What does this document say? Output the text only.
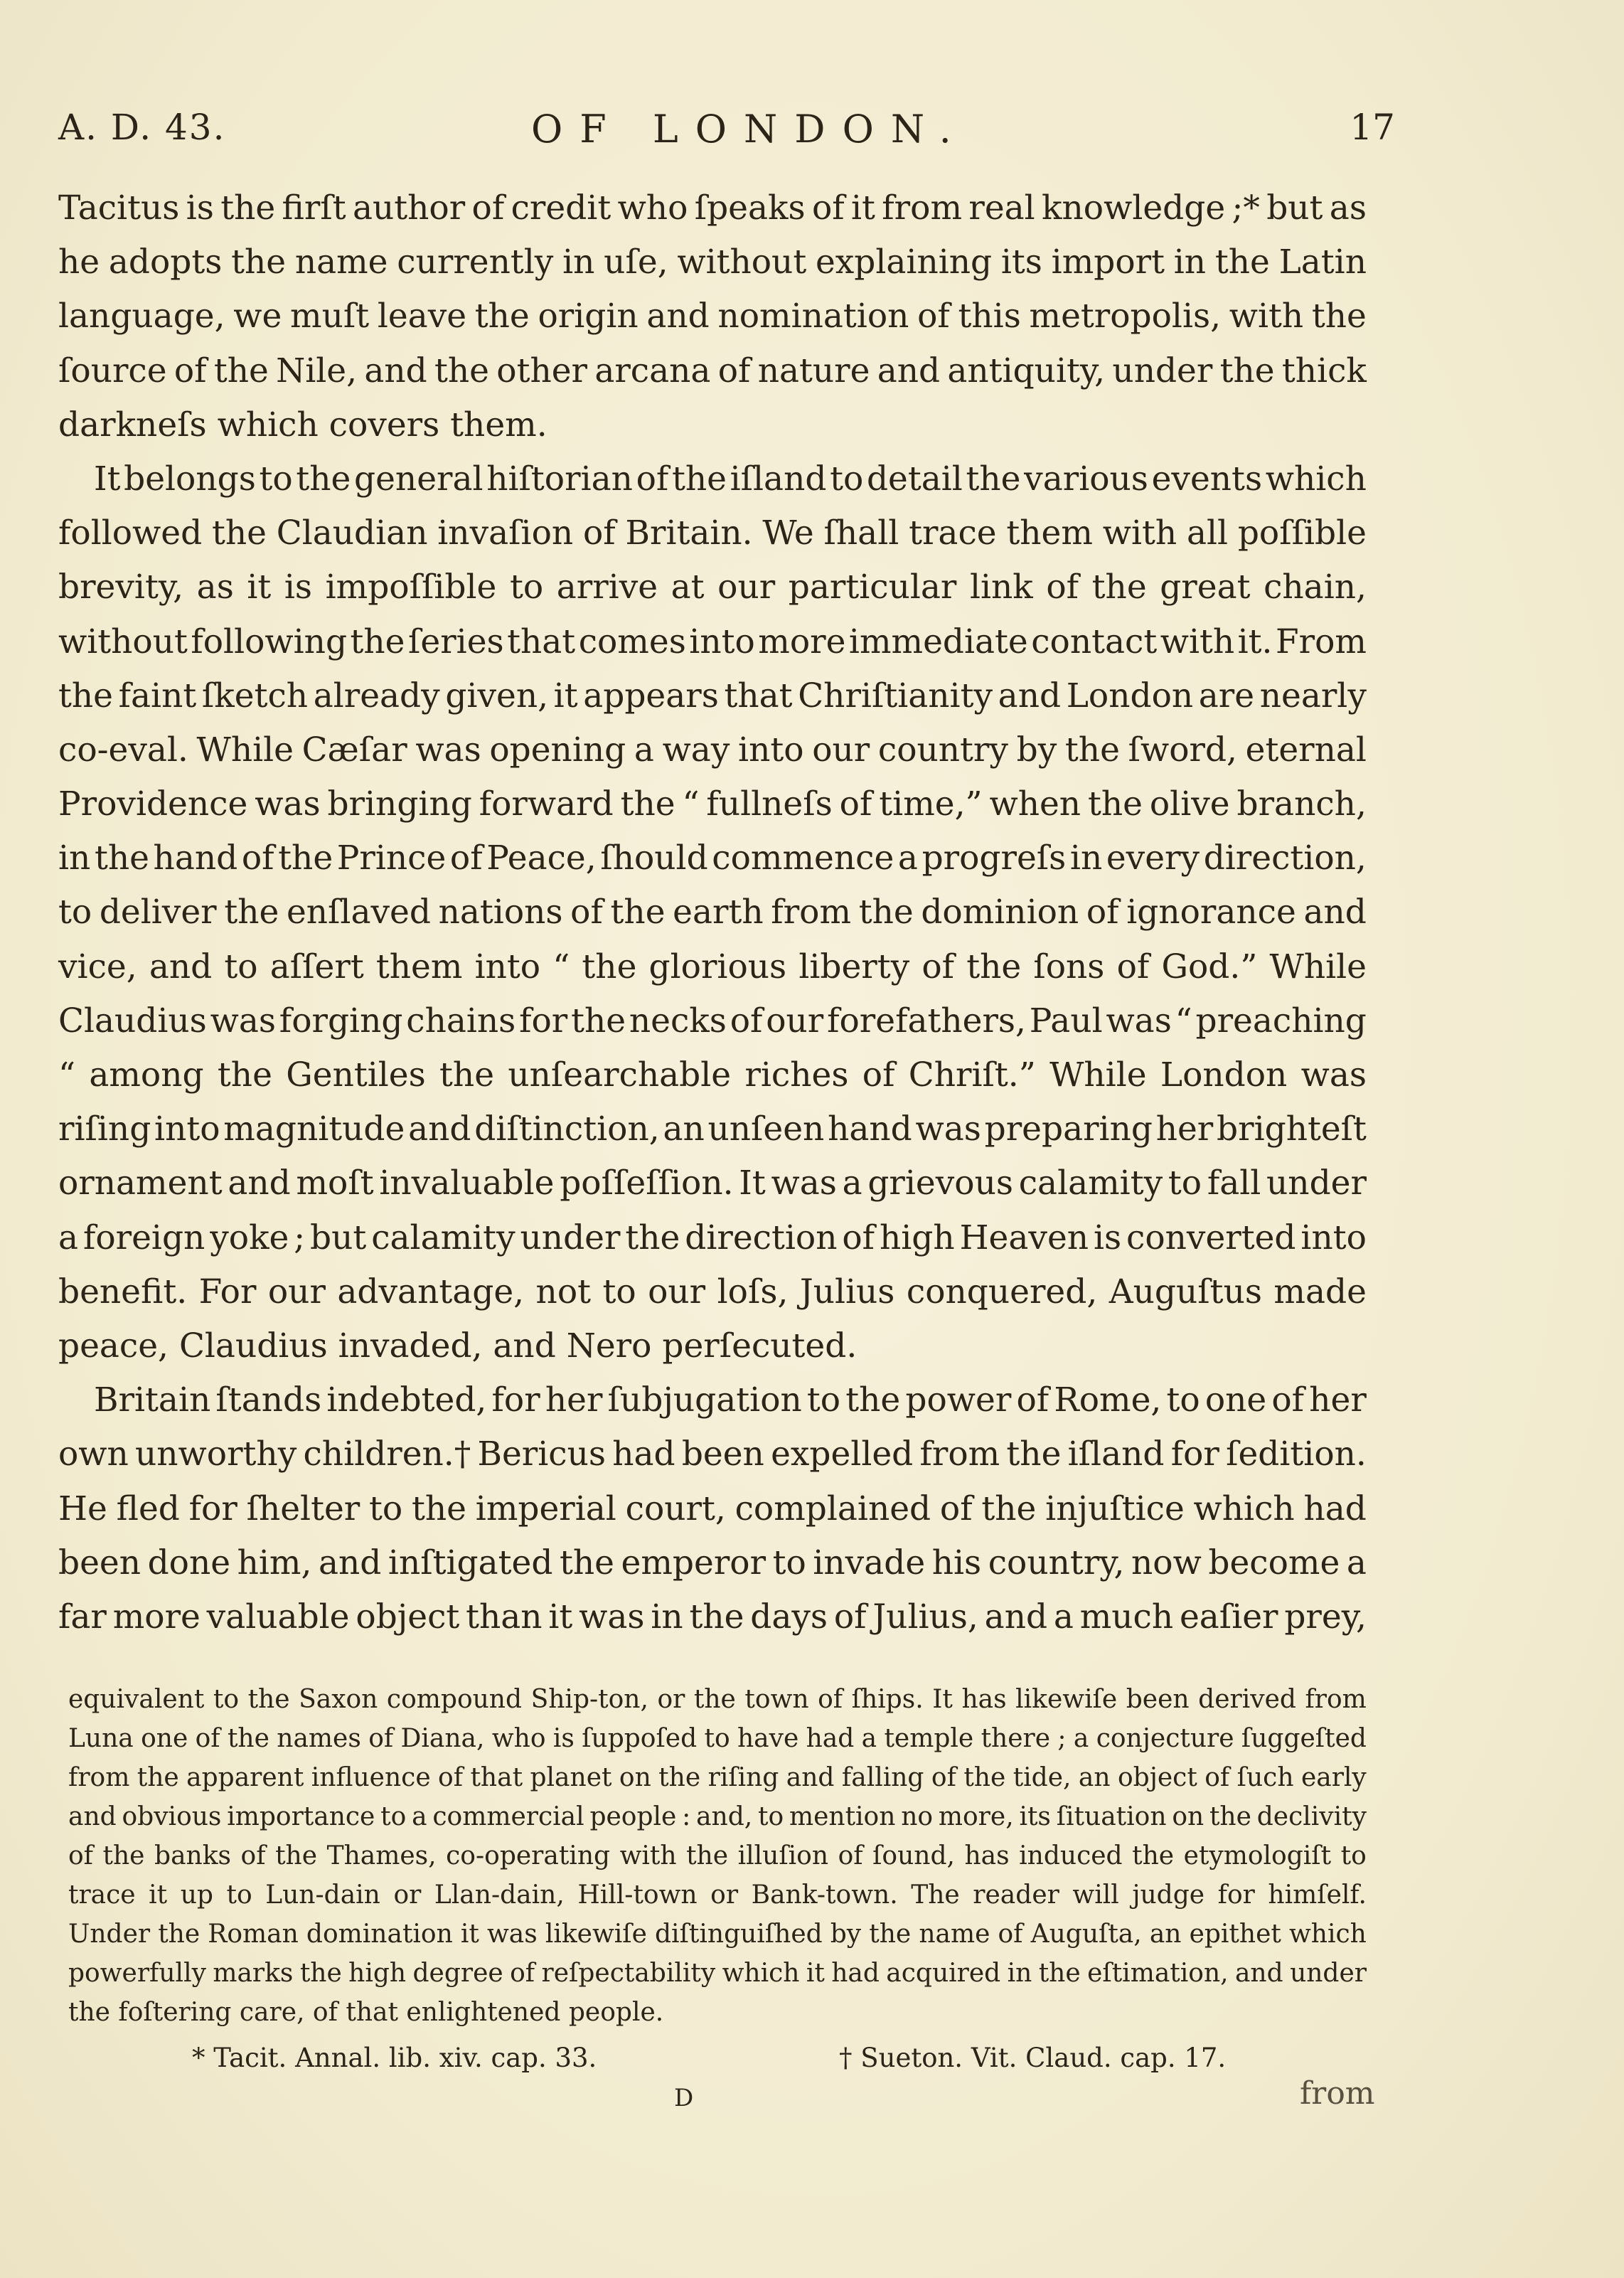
A. D. 43.	OF LONDON.	17
Tacitus is the firſt author of credit who ſpeaks of it from real knowledge ;* but as
he adopts the name currently in uſe, without explaining its import in the Latin
language, we muſt leave the origin and nomination of this metropolis, with the
ſource of the Nile, and the other arcana of nature and antiquity, under the thick
darkneſs which covers them.
It belongs to the general hiſtorian of the iſland to detail the various events which
followed the Claudian invaſion of Britain. We ſhall trace them with all poſſible
brevity, as it is impoſſible to arrive at our particular link of the great chain,
without following the ſeries that comes into more immediate contact with it. From
the faint ſketch already given, it appears that Chriſtianity and London are nearly
co-eval. While Cæſar was opening a way into our country by the ſword, eternal
Providence was bringing forward the “ fullneſs of time,” when the olive branch,
in the hand of the Prince of Peace, ſhould commence a progreſs in every direction,
to deliver the enſlaved nations of the earth from the dominion of ignorance and
vice, and to aſſert them into “ the glorious liberty of the ſons of God.” While
Claudius was forging chains for the necks of our forefathers, Paul was “ preaching
“ among the Gentiles the unſearchable riches of Chriſt.” While London was
riſing into magnitude and diſtinction, an unſeen hand was preparing her brighteſt
ornament and moſt invaluable poſſeſſion. It was a grievous calamity to fall under
a foreign yoke ; but calamity under the direction of high Heaven is converted into
benefit. For our advantage, not to our loſs, Julius conquered, Auguſtus made
peace, Claudius invaded, and Nero perſecuted.
Britain ſtands indebted, for her ſubjugation to the power of Rome, to one of her
own unworthy children.† Bericus had been expelled from the iſland for ſedition.
He fled for ſhelter to the imperial court, complained of the injuſtice which had
been done him, and inſtigated the emperor to invade his country, now become a
far more valuable object than it was in the days of Julius, and a much eaſier prey,
equivalent to the Saxon compound Ship-ton, or the town of ſhips. It has likewiſe been derived from
Luna one of the names of Diana, who is ſuppoſed to have had a temple there ; a conjecture ſuggeſted
from the apparent influence of that planet on the riſing and falling of the tide, an object of ſuch early
and obvious importance to a commercial people : and, to mention no more, its ſituation on the declivity
of the banks of the Thames, co-operating with the illuſion of ſound, has induced the etymologiſt to
trace it up to Lun-dain or Llan-dain, Hill-town or Bank-town. The reader will judge for himſelf.
Under the Roman domination it was likewiſe diſtinguiſhed by the name of Auguſta, an epithet which
powerfully marks the high degree of reſpectability which it had acquired in the eſtimation, and under
the foſtering care, of that enlightened people.
* Tacit. Annal. lib. xiv. cap. 33.	† Sueton. Vit. Claud. cap. 17.
D	from
